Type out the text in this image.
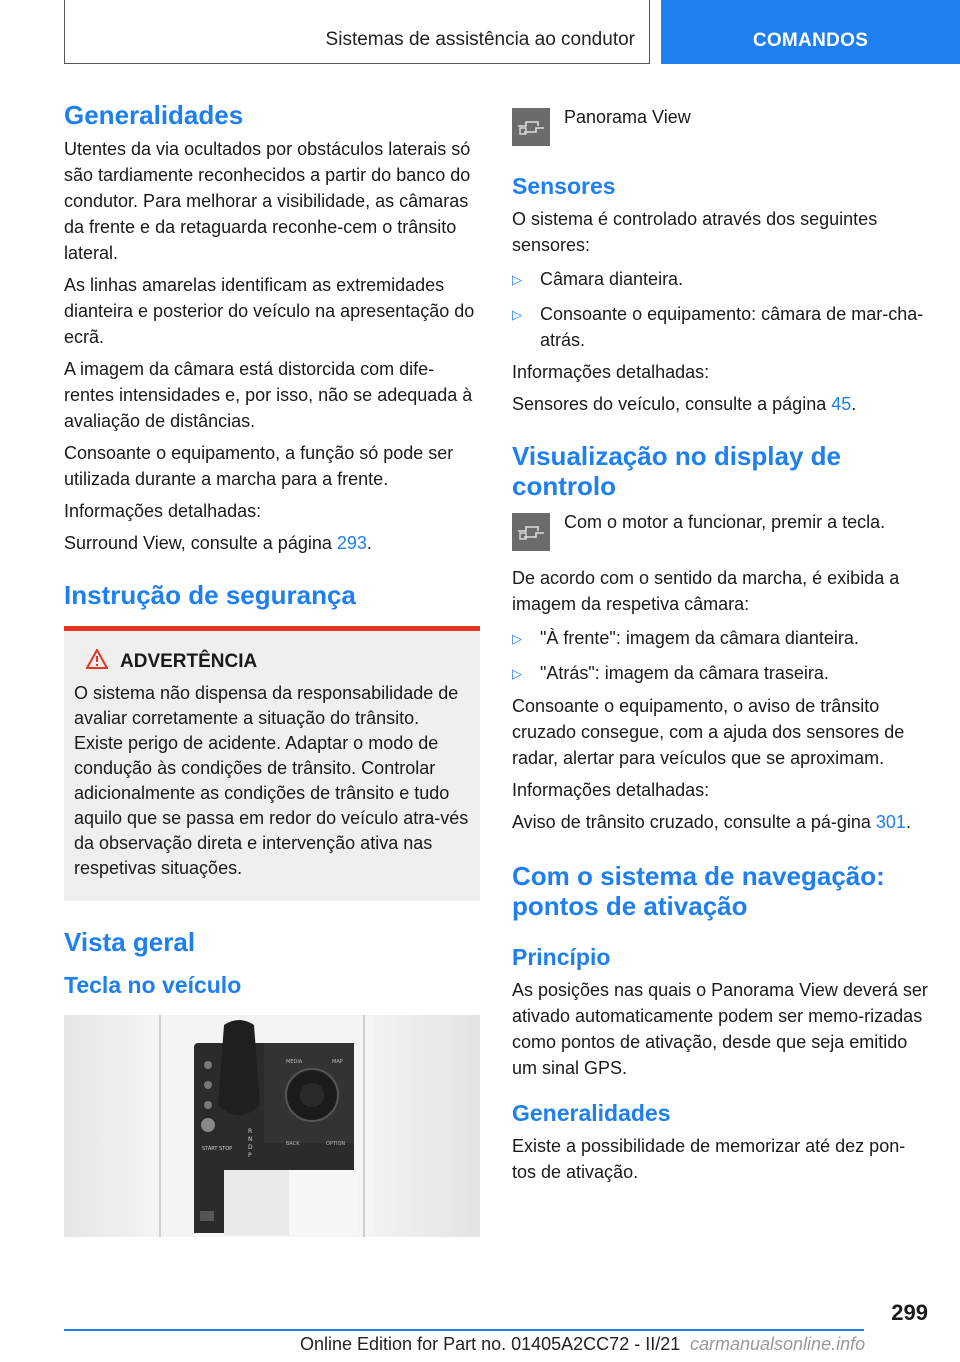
Sistemas de assistência ao condutor	COMANDOS
Generalidades

Utentes da via ocultados por obstáculos laterais só são tardiamente reconhecidos a partir do banco do condutor. Para melhorar a visibilidade, as câmaras da frente e da retaguarda reconhe-cem o trânsito lateral.

As linhas amarelas identificam as extremidades dianteira e posterior do veículo na apresentação do ecrã.

A imagem da câmara está distorcida com dife-rentes intensidades e, por isso, não se adequada à avaliação de distâncias.

Consoante o equipamento, a função só pode ser utilizada durante a marcha para a frente.

Informações detalhadas:

Surround View, consulte a página 293.

Instrução de segurança
ADVERTÊNCIA

O sistema não dispensa da responsabilidade de avaliar corretamente a situação do trânsito. Existe perigo de acidente. Adaptar o modo de condução às condições de trânsito. Controlar adicionalmente as condições de trânsito e tudo aquilo que se passa em redor do veículo atra-vés da observação direta e intervenção ativa nas respetivas situações.

Vista geral
Tecla no veículo
START STOP
R
N
D
P
MEDIA	MAP
BACK	OPTION

Panorama View

Sensores

O sistema é controlado através dos seguintes sensores:

▷	Câmara dianteira.
▷	Consoante o equipamento: câmara de mar-cha-atrás.

Informações detalhadas:

Sensores do veículo, consulte a página 45.

Visualização no display de controlo

Com o motor a funcionar, premir a tecla.

De acordo com o sentido da marcha, é exibida a imagem da respetiva câmara:

▷	"À frente": imagem da câmara dianteira.
▷	"Atrás": imagem da câmara traseira.

Consoante o equipamento, o aviso de trânsito cruzado consegue, com a ajuda dos sensores de radar, alertar para veículos que se aproximam.

Informações detalhadas:

Aviso de trânsito cruzado, consulte a pá-gina 301.

Com o sistema de navegação: pontos de ativação
Princípio

As posições nas quais o Panorama View deverá ser ativado automaticamente podem ser memo-rizadas como pontos de ativação, desde que seja emitido um sinal GPS.

Generalidades

Existe a possibilidade de memorizar até dez pon-tos de ativação.

299
Online Edition for Part no. 01405A2CC72 - II/21 carmanualsonline.info
